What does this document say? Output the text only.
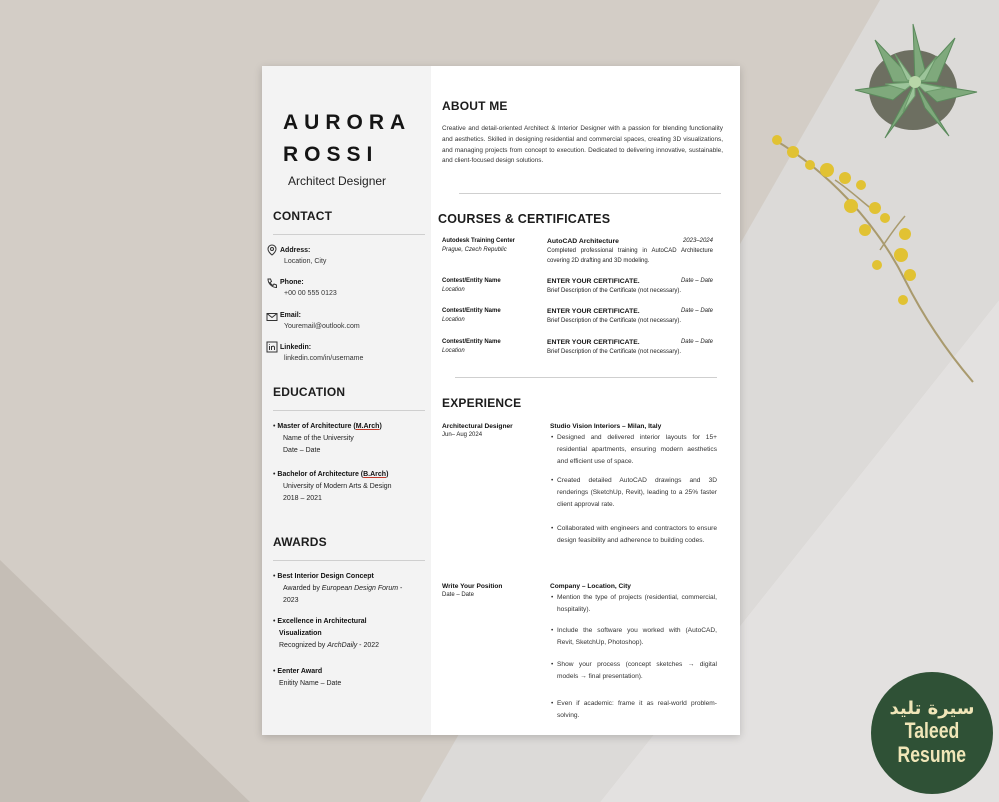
AURORA
ROSSI
Architect Designer
CONTACT
Address:
Location, City
Phone:
+00 00 555 0123
Email:
Youremail@outlook.com
Linkedin:
linkedin.com/in/username
EDUCATION
• Master of Architecture (M.Arch)
Name of the University
Date – Date
• Bachelor of Architecture (B.Arch)
University of Modern Arts & Design
2018 – 2021
AWARDS
• Best Interior Design Concept
Awarded by European Design Forum -
2023
• Excellence in Architectural
Visualization
Recognized by ArchDaily - 2022
• Eenter Award
Enitity Name – Date
ABOUT ME
Creative and detail-oriented Architect & Interior Designer with a passion for blending functionality and aesthetics. Skilled in designing residential and commercial spaces, creating 3D visualizations, and managing projects from concept to execution. Dedicated to delivering innovative, sustainable, and client-focused design solutions.
COURSES & CERTIFICATES
Autodesk Training Center
Prague, Czech Republic
AutoCAD Architecture	2023–2024
Completed professional training in AutoCAD Architecture covering 2D drafting and 3D modeling.
Contest/Entity Name
Location
ENTER YOUR CERTIFICATE.	Date – Date
Brief Description of the Certificate (not necessary).
Contest/Entity Name
Location
ENTER YOUR CERTIFICATE.	Date – Date
Brief Description of the Certificate (not necessary).
Contest/Entity Name
Location
ENTER YOUR CERTIFICATE.	Date – Date
Brief Description of the Certificate (not necessary).
EXPERIENCE
Architectural Designer
Jun– Aug 2024
Studio Vision Interiors – Milan, Italy
• Designed and delivered interior layouts for 15+ residential apartments, ensuring modern aesthetics and efficient use of space.
• Created detailed AutoCAD drawings and 3D renderings (SketchUp, Revit), leading to a 25% faster client approval rate.
• Collaborated with engineers and contractors to ensure design feasibility and adherence to building codes.
Write Your Position
Date – Date
Company – Location, City
• Mention the type of projects (residential, commercial, hospitality).
• Include the software you worked with (AutoCAD, Revit, SketchUp, Photoshop).
• Show your process (concept sketches → digital models → final presentation).
• Even if academic: frame it as real-world problem-solving.	سيرة تليد
Taleed
Resume
